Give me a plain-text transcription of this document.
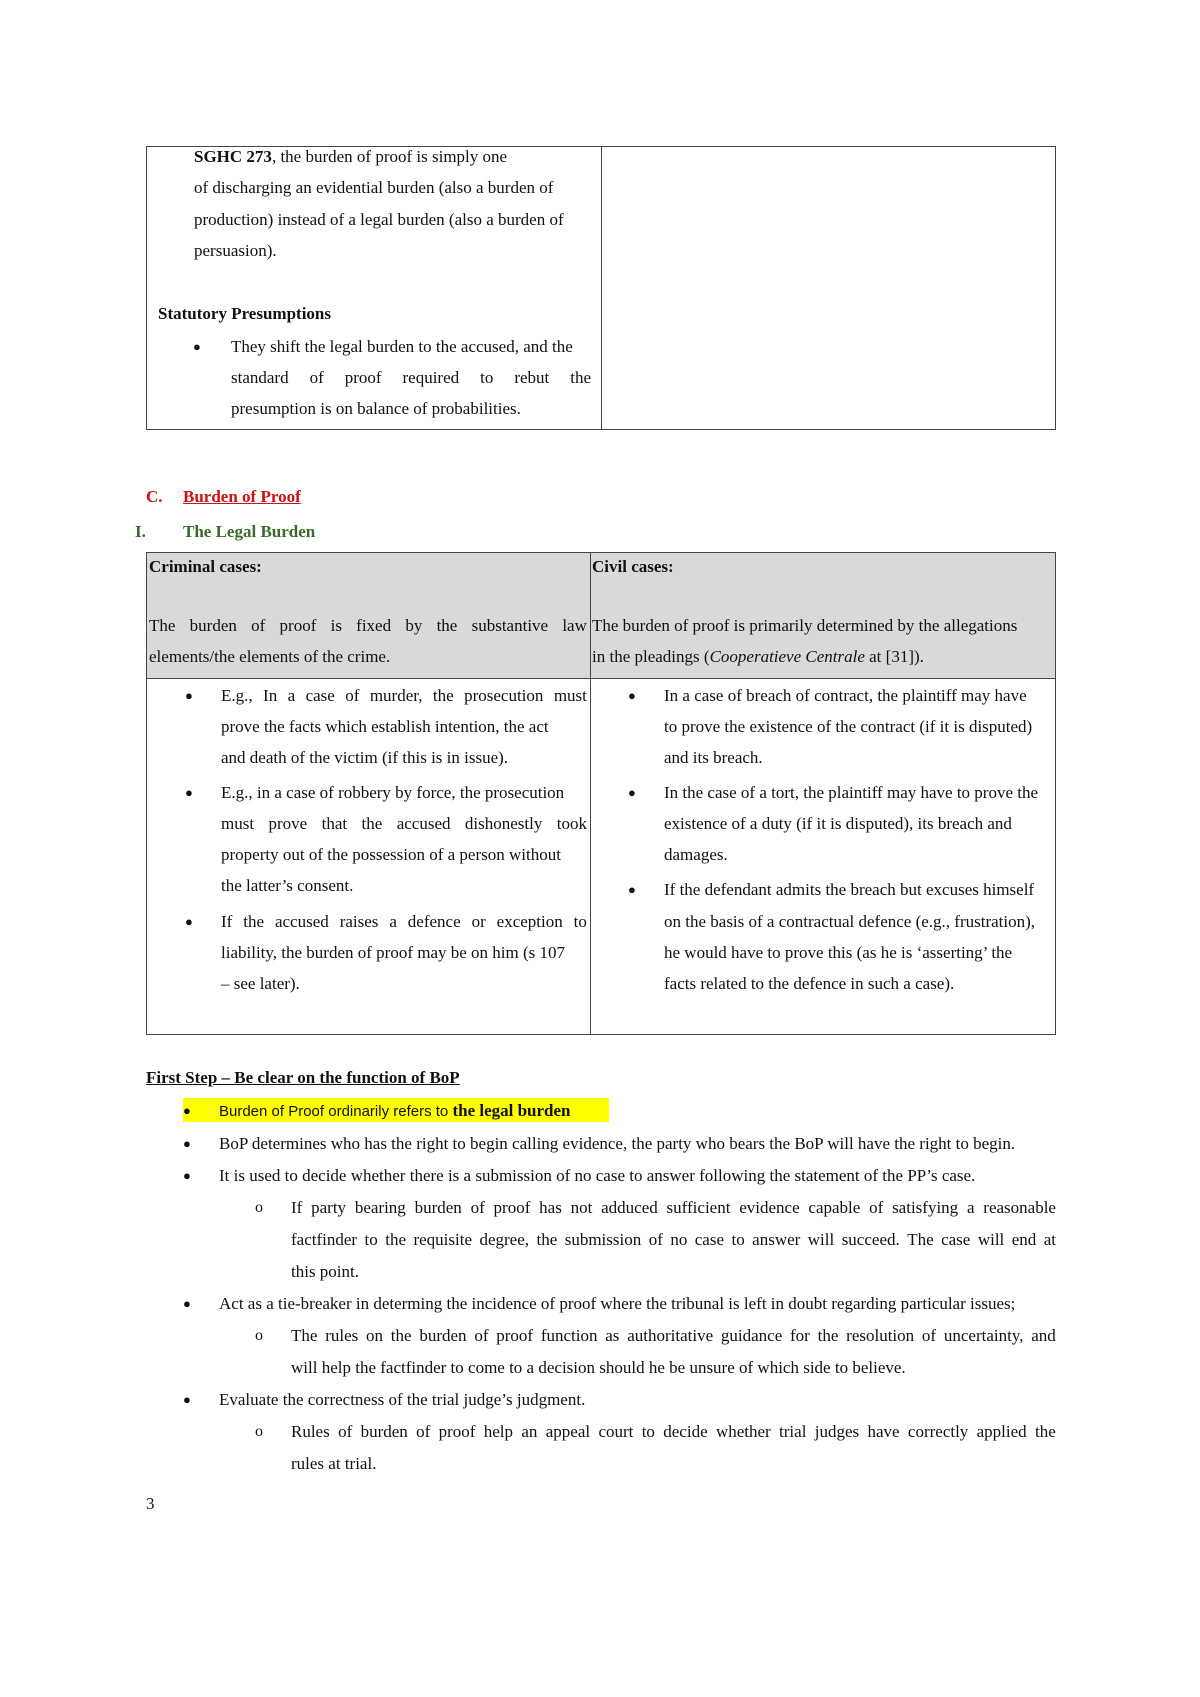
SGHC 273, the burden of proof is simply one
of discharging an evidential burden (also a burden of
production) instead of a legal burden (also a burden of
persuasion).
Statutory Presumptions
● They shift the legal burden to the accused, and the
standard of proof required to rebut the
presumption is on balance of probabilities.
C. Burden of Proof
I. The Legal Burden
Criminal cases:
The burden of proof is fixed by the substantive law
elements/the elements of the crime.
Civil cases:
The burden of proof is primarily determined by the allegations
in the pleadings (Cooperatieve Centrale at [31]).
● E.g., In a case of murder, the prosecution must
prove the facts which establish intention, the act
and death of the victim (if this is in issue).
● E.g., in a case of robbery by force, the prosecution
must prove that the accused dishonestly took
property out of the possession of a person without
the latter’s consent.
● If the accused raises a defence or exception to
liability, the burden of proof may be on him (s 107
– see later).
● In a case of breach of contract, the plaintiff may have
to prove the existence of the contract (if it is disputed)
and its breach.
● In the case of a tort, the plaintiff may have to prove the
existence of a duty (if it is disputed), its breach and
damages.
● If the defendant admits the breach but excuses himself
on the basis of a contractual defence (e.g., frustration),
he would have to prove this (as he is ‘asserting’ the
facts related to the defence in such a case).
First Step – Be clear on the function of BoP
● Burden of Proof ordinarily refers to the legal burden
● BoP determines who has the right to begin calling evidence, the party who bears the BoP will have the right to begin.
● It is used to decide whether there is a submission of no case to answer following the statement of the PP’s case.
o If party bearing burden of proof has not adduced sufficient evidence capable of satisfying a reasonable
factfinder to the requisite degree, the submission of no case to answer will succeed. The case will end at
this point.
● Act as a tie-breaker in determing the incidence of proof where the tribunal is left in doubt regarding particular issues;
o The rules on the burden of proof function as authoritative guidance for the resolution of uncertainty, and
will help the factfinder to come to a decision should he be unsure of which side to believe.
● Evaluate the correctness of the trial judge’s judgment.
o Rules of burden of proof help an appeal court to decide whether trial judges have correctly applied the
rules at trial.
3
